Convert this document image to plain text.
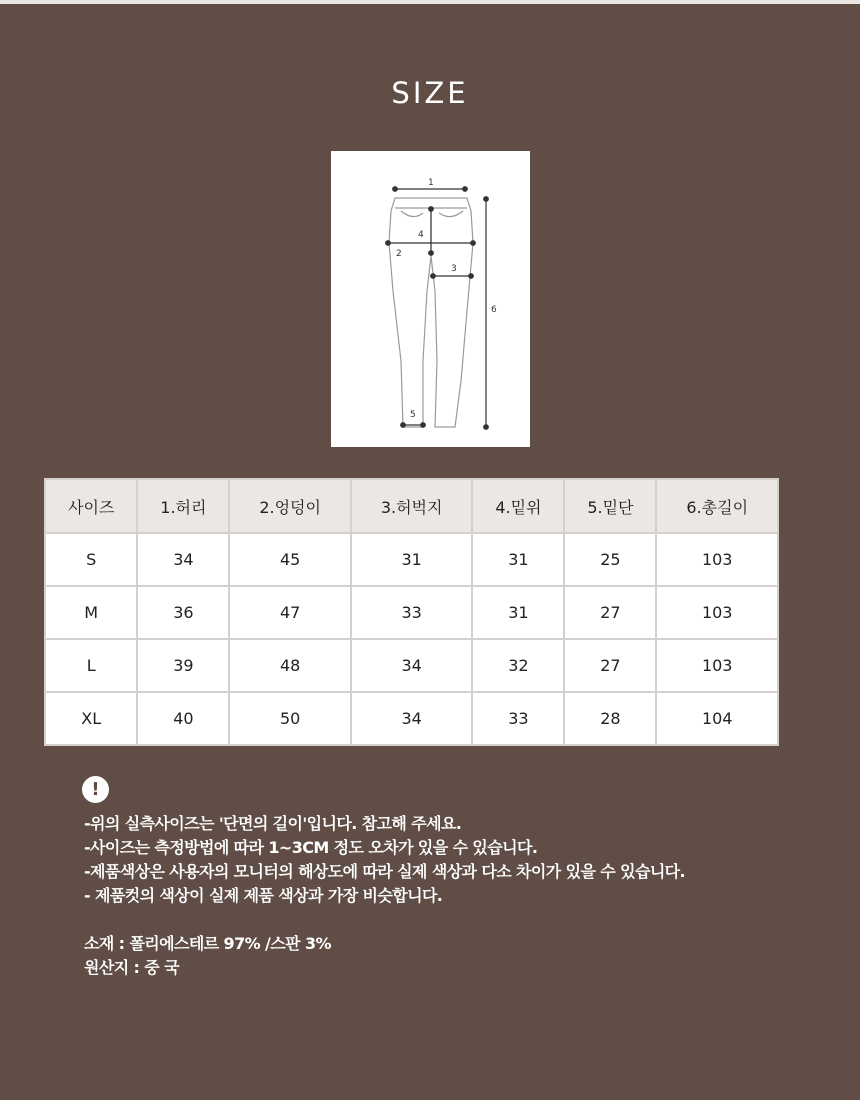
SIZE
1
2
3
4
5
6
사이즈	1.허리	2.엉덩이	3.허벅지	4.밑위	5.밑단	6.총길이
S	34	45	31	31	25	103
M	36	47	33	31	27	103
L	39	48	34	32	27	103
XL	40	50	34	33	28	104
!

-위의 실측사이즈는 '단면의 길이'입니다. 참고해 주세요.

-사이즈는 측정방법에 따라 1~3CM 정도 오차가 있을 수 있습니다.

-제품색상은 사용자의 모니터의 해상도에 따라 실제 색상과 다소 차이가 있을 수 있습니다.

- 제품컷의 색상이 실제 제품 색상과 가장 비슷합니다.

소재 : 폴리에스테르 97% /스판 3%

원산지 : 중 국
